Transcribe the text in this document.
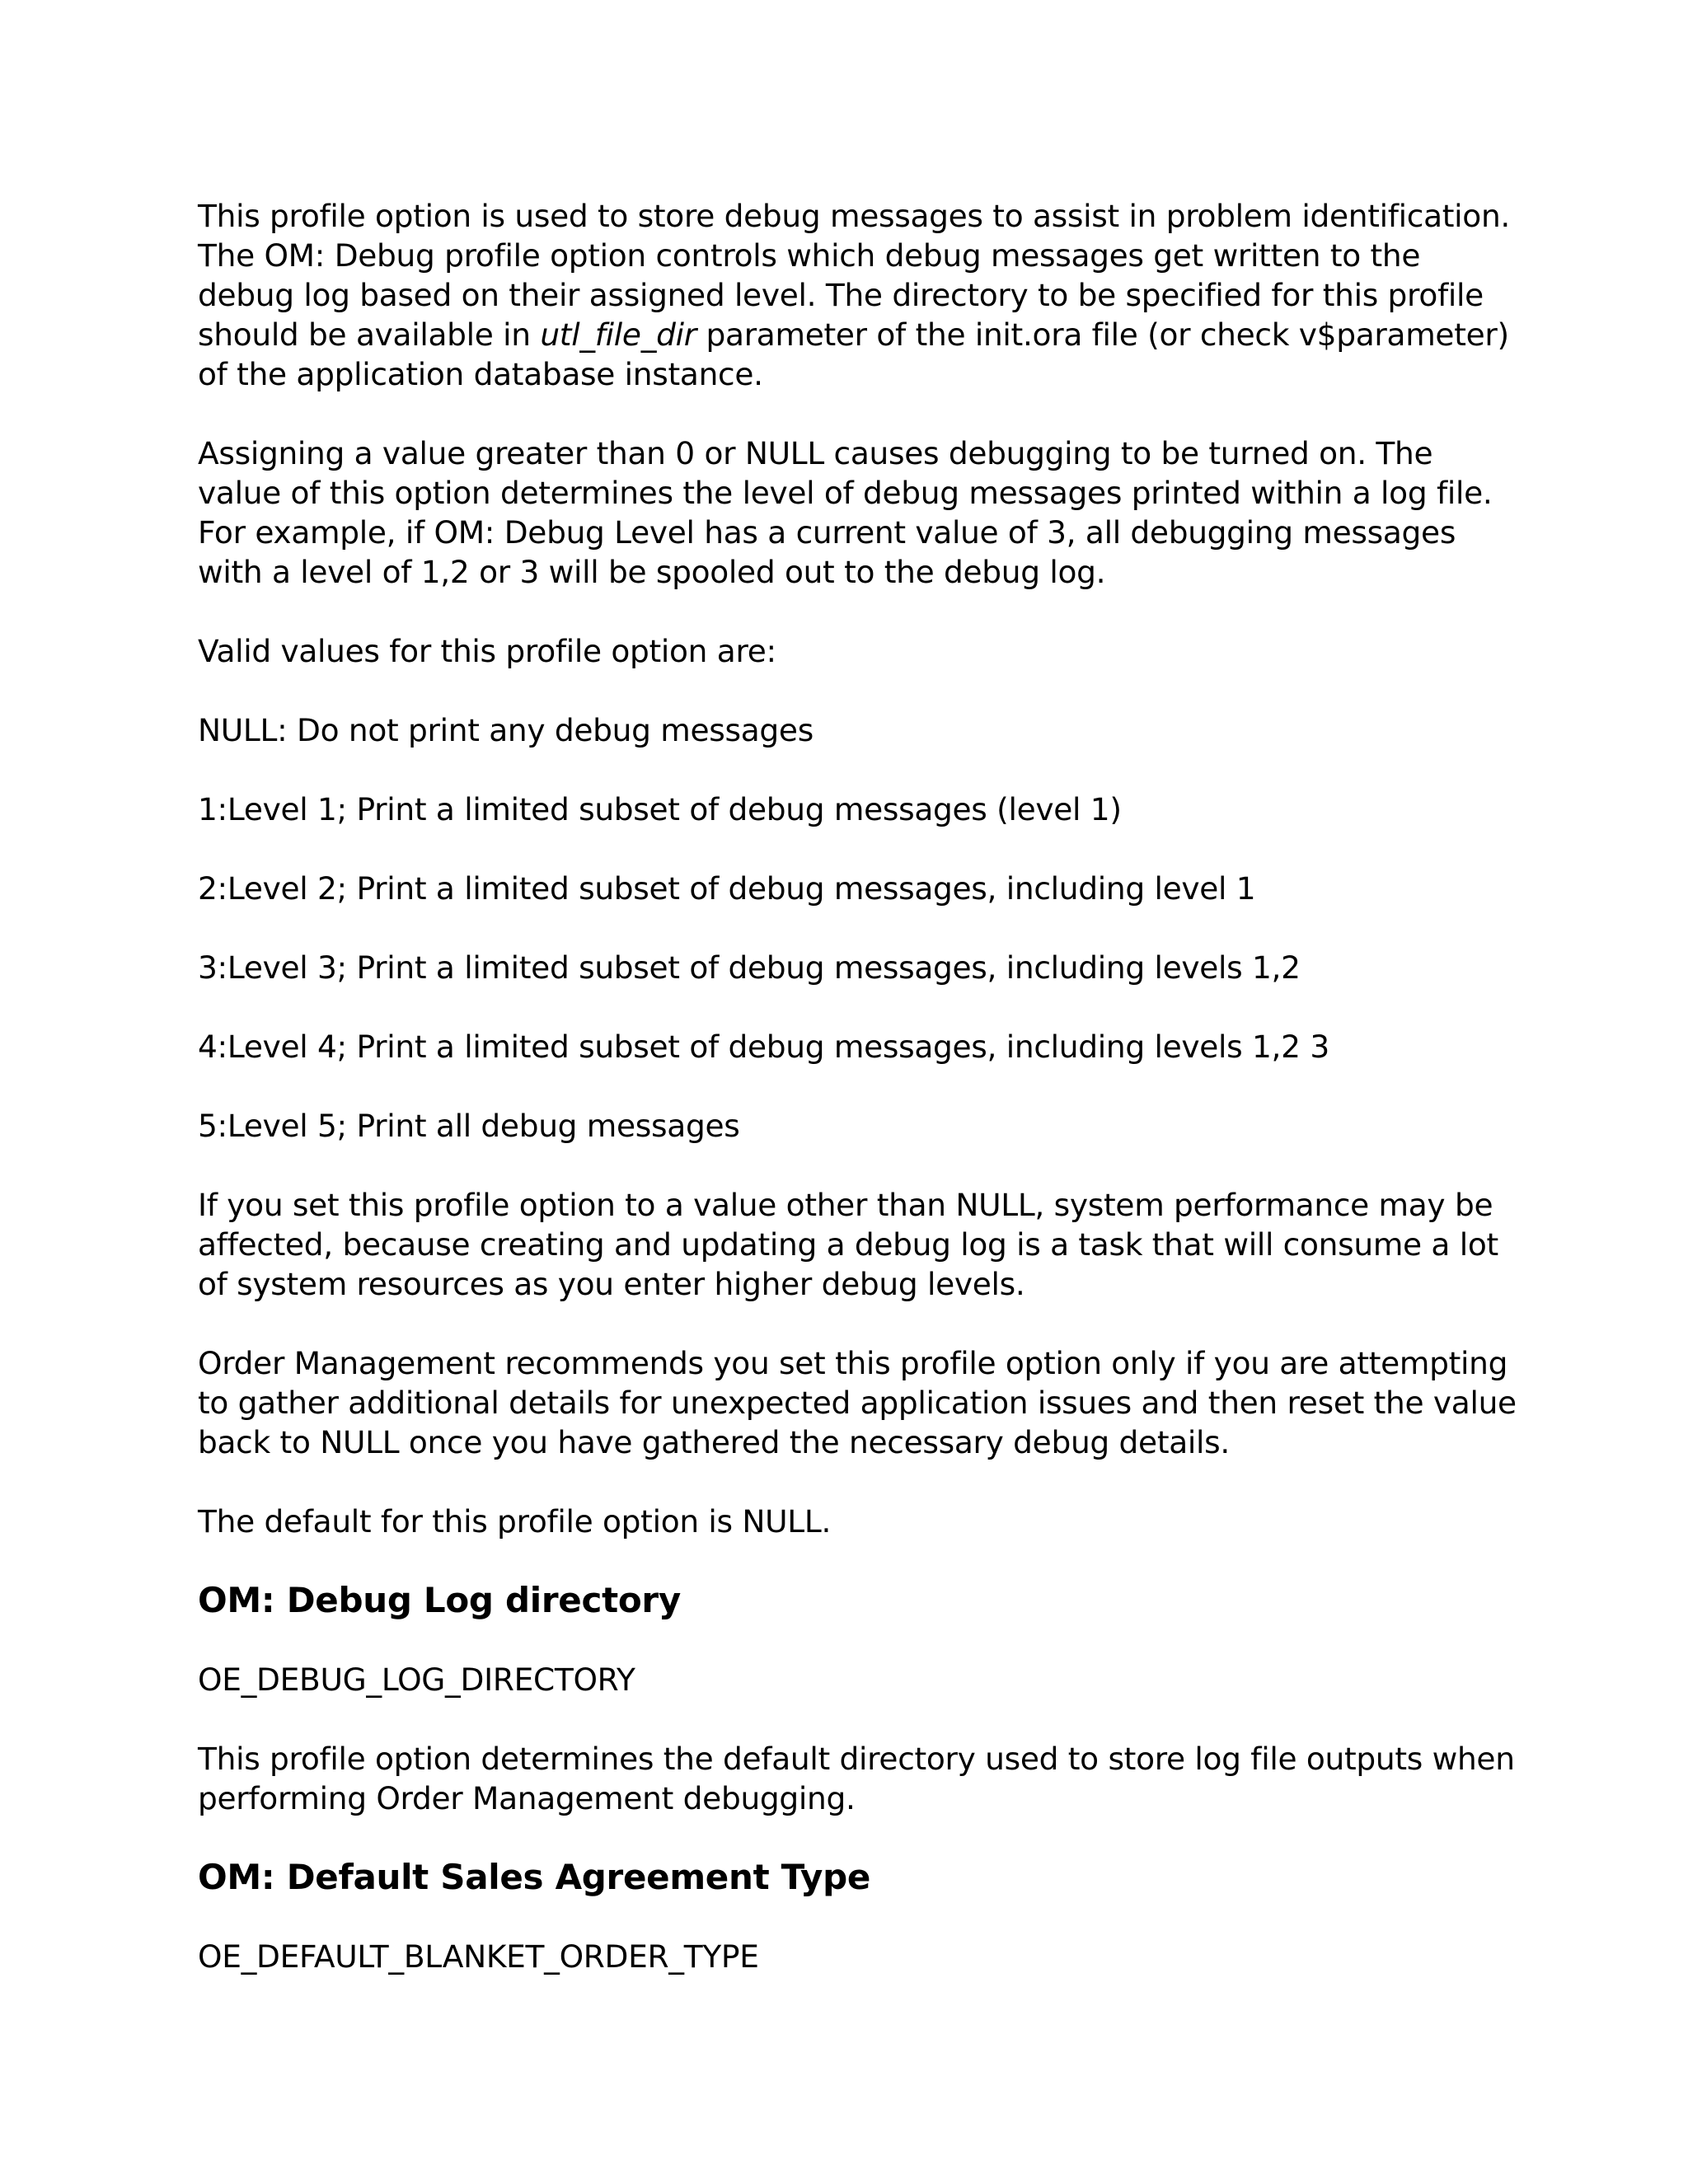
This profile option is used to store debug messages to assist in problem identification. The OM: Debug profile option controls which debug messages get written to the debug log based on their assigned level. The directory to be specified for this profile should be available in utl_file_dir parameter of the init.ora file (or check v$parameter) of the application database instance.

Assigning a value greater than 0 or NULL causes debugging to be turned on. The value of this option determines the level of debug messages printed within a log file. For example, if OM: Debug Level has a current value of 3, all debugging messages with a level of 1,2 or 3 will be spooled out to the debug log.

Valid values for this profile option are:

NULL: Do not print any debug messages

1:Level 1; Print a limited subset of debug messages (level 1)

2:Level 2; Print a limited subset of debug messages, including level 1

3:Level 3; Print a limited subset of debug messages, including levels 1,2

4:Level 4; Print a limited subset of debug messages, including levels 1,2 3

5:Level 5; Print all debug messages

If you set this profile option to a value other than NULL, system performance may be affected, because creating and updating a debug log is a task that will consume a lot of system resources as you enter higher debug levels.

Order Management recommends you set this profile option only if you are attempting to gather additional details for unexpected application issues and then reset the value back to NULL once you have gathered the necessary debug details.

The default for this profile option is NULL.

OM: Debug Log directory

OE_DEBUG_LOG_DIRECTORY

This profile option determines the default directory used to store log file outputs when performing Order Management debugging.

OM: Default Sales Agreement Type

OE_DEFAULT_BLANKET_ORDER_TYPE
